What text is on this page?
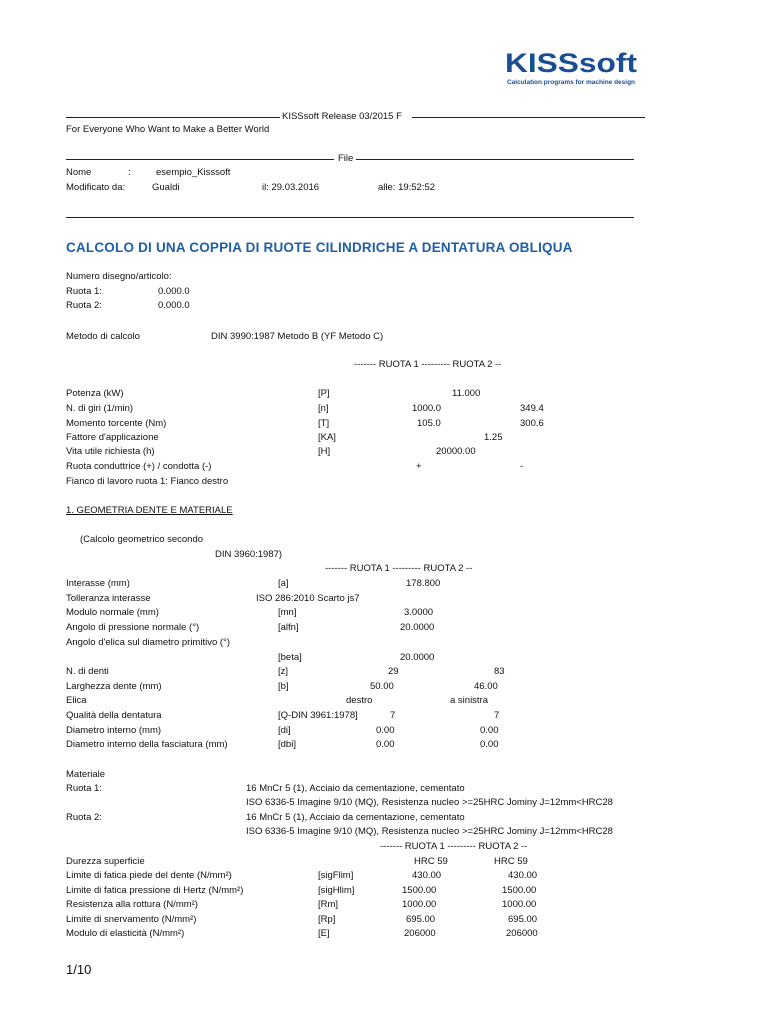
KISSsoft
Calculation programs for machine design
KISSsoft Release 03/2015 F
For Everyone Who Want to Make a Better World
File
Nome	:	esempio_Kisssoft
Modificato da:	Gualdi	il: 29.03.2016	alle: 19:52:52
CALCOLO DI UNA COPPIA DI RUOTE CILINDRICHE A DENTATURA OBLIQUA
Numero disegno/articolo:
Ruota 1:	0.000.0
Ruota 2:	0.000.0
Metodo di calcolo	DIN 3990:1987 Metodo B (YF Metodo C)
------- RUOTA 1 --------- RUOTA 2 --
Potenza (kW)	[P]	11.000
N. di giri (1/min)	[n]	1000.0	349.4
Momento torcente (Nm)	[T]	105.0	300.6
Fattore d'applicazione	[KA]	1.25
Vita utile richiesta (h)	[H]	20000.00
Ruota conduttrice (+) / condotta (-)	+	-
Fianco di lavoro ruota 1: Fianco destro
1. GEOMETRIA DENTE E MATERIALE
(Calcolo geometrico secondo
DIN 3960:1987)
------- RUOTA 1 --------- RUOTA 2 --
Interasse (mm)	[a]	178.800
Tolleranza interasse	ISO 286:2010 Scarto js7
Modulo normale (mm)	[mn]	3.0000
Angolo di pressione normale (°)	[alfn]	20.0000
Angolo d'elica sul diametro primitivo (°)
[beta]	20.0000
N. di denti	[z]	29	83
Larghezza dente (mm)	[b]	50.00	46.00
Elica	destro	a sinistra
Qualità della dentatura	[Q-DIN 3961:1978]	7	7
Diametro interno (mm)	[di]	0.00	0.00
Diametro interno della fasciatura (mm)	[dbi]	0.00	0.00
Materiale
Ruota 1:	16 MnCr 5 (1), Acciaio da cementazione, cementato
ISO 6336-5 Imagine 9/10 (MQ), Resistenza nucleo >=25HRC Jominy J=12mm<HRC28
Ruota 2:	16 MnCr 5 (1), Acciaio da cementazione, cementato
ISO 6336-5 Imagine 9/10 (MQ), Resistenza nucleo >=25HRC Jominy J=12mm<HRC28
------- RUOTA 1 --------- RUOTA 2 --
Durezza superficie	HRC 59	HRC 59
Limite di fatica piede del dente (N/mm²)	[sigFlim]	430.00	430.00
Limite di fatica pressione di Hertz (N/mm²)	[sigHlim]	1500.00	1500.00
Resistenza alla rottura (N/mm²)	[Rm]	1000.00	1000.00
Limite di snervamento (N/mm²)	[Rp]	695.00	695.00
Modulo di elasticità (N/mm²)	[E]	206000	206000
1/10
